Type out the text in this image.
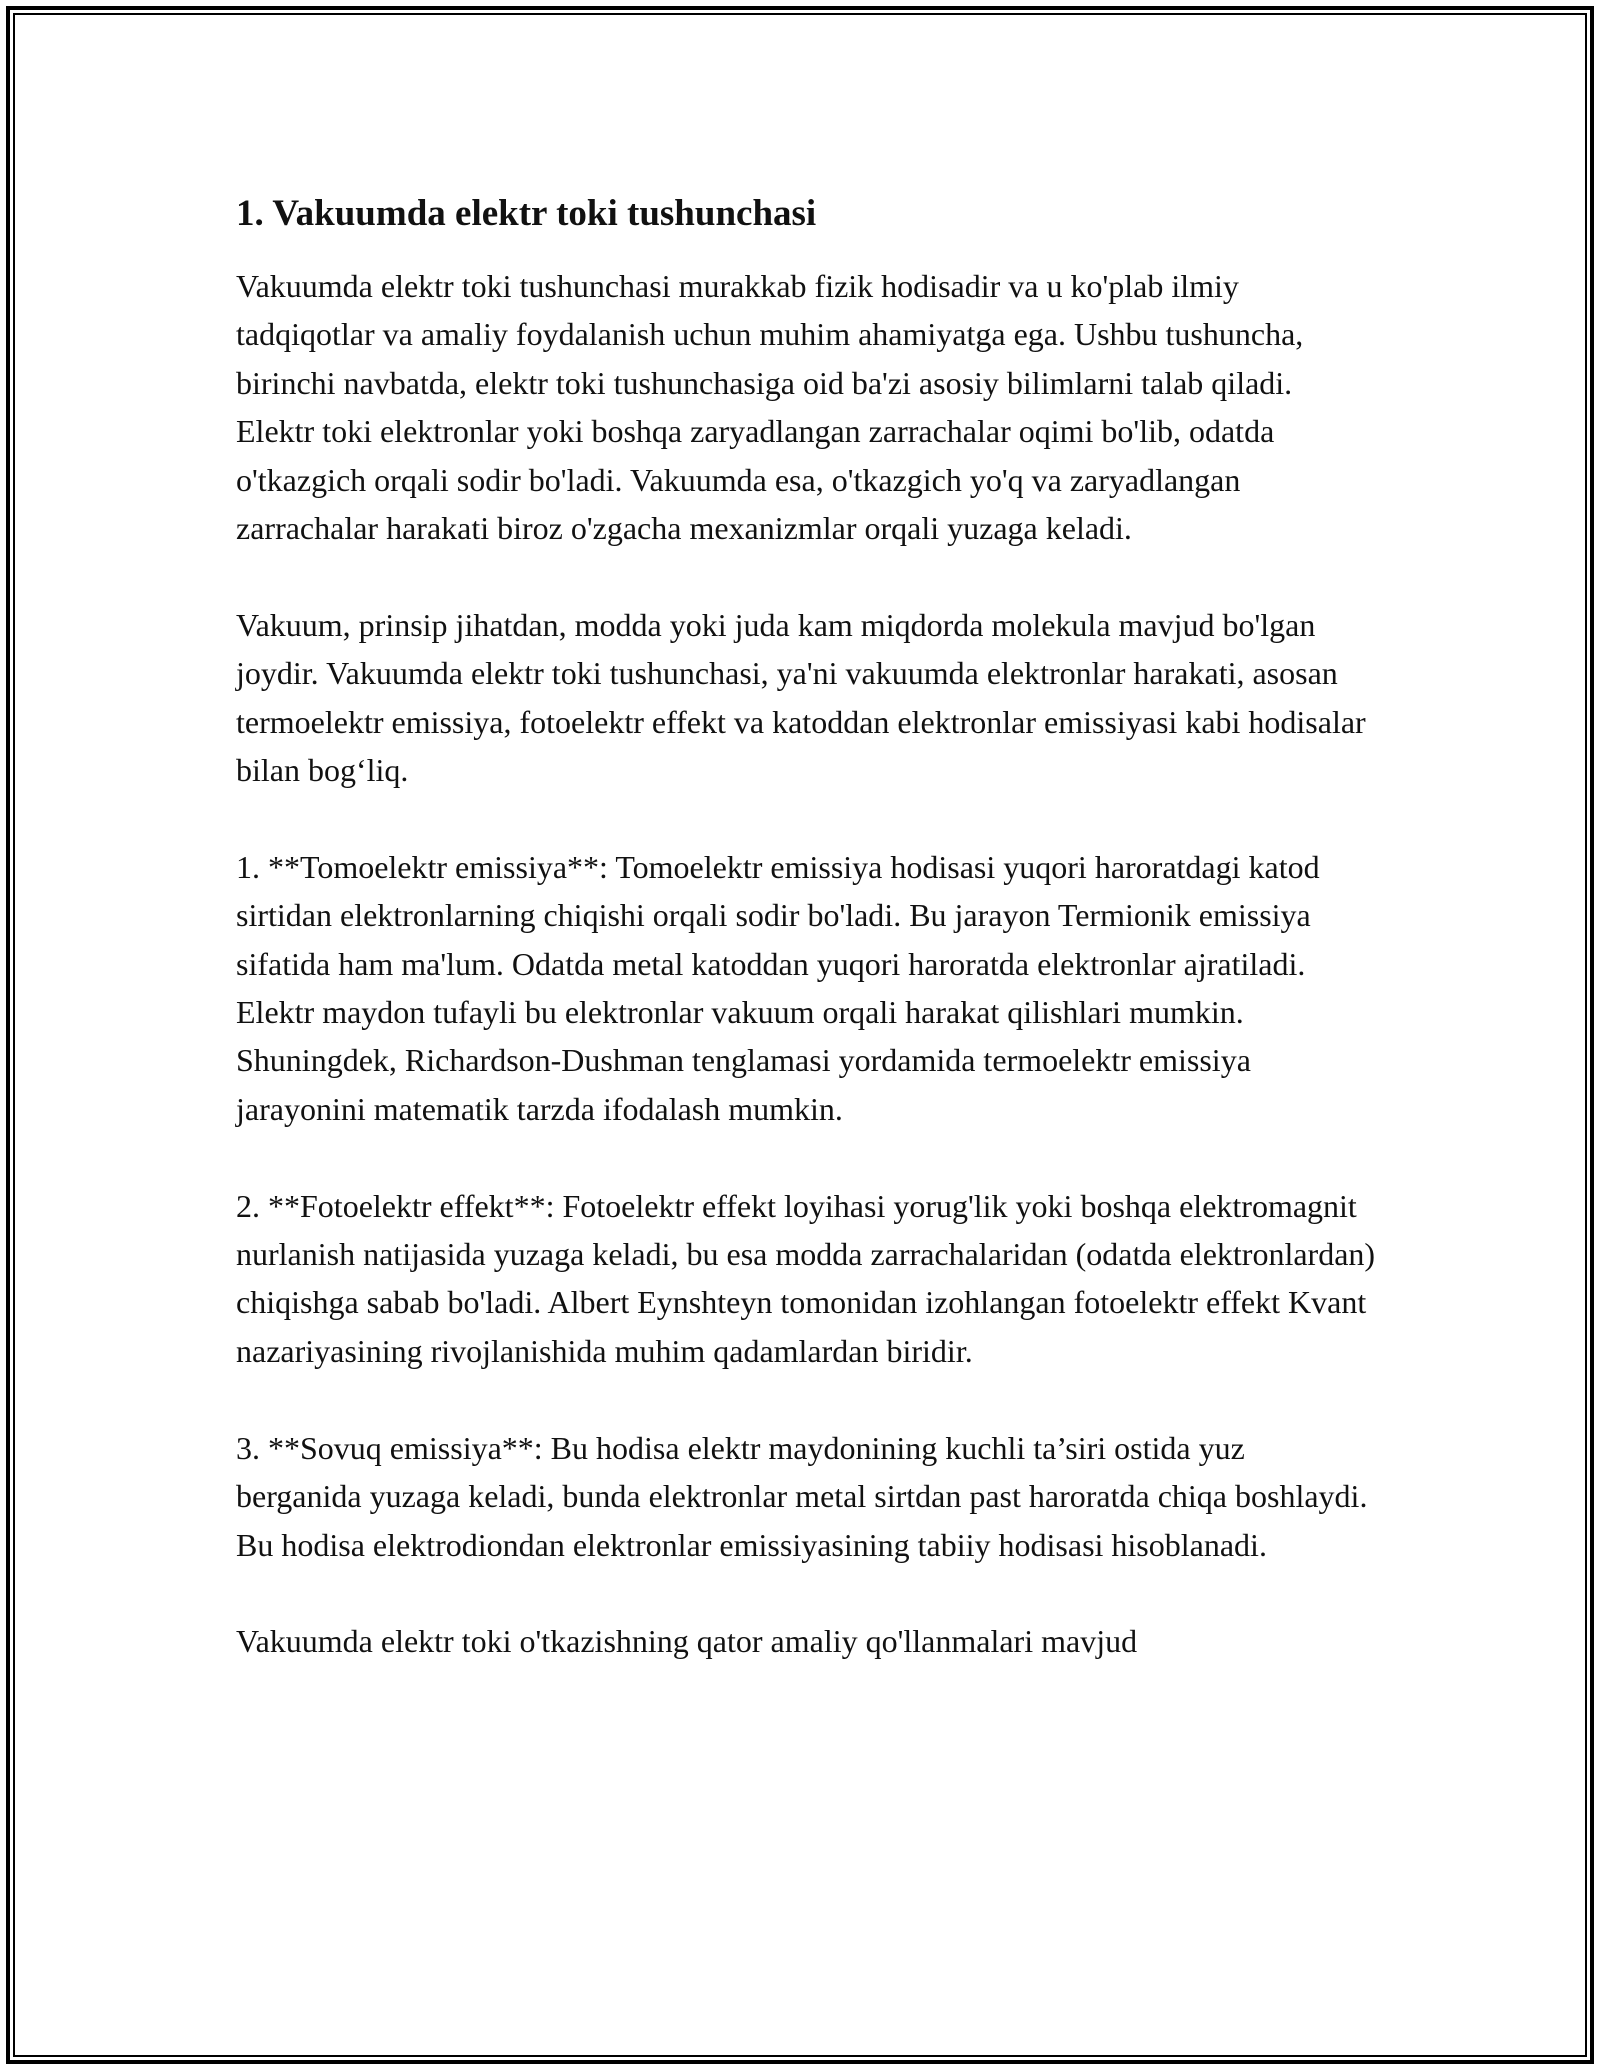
1. Vakuumda elektr toki tushunchasi

Vakuumda elektr toki tushunchasi murakkab fizik hodisadir va u ko'plab ilmiy tadqiqotlar va amaliy foydalanish uchun muhim ahamiyatga ega. Ushbu tushuncha, birinchi navbatda, elektr toki tushunchasiga oid ba'zi asosiy bilimlarni talab qiladi. Elektr toki elektronlar yoki boshqa zaryadlangan zarrachalar oqimi bo'lib, odatda o'tkazgich orqali sodir bo'ladi. Vakuumda esa, o'tkazgich yo'q va zaryadlangan zarrachalar harakati biroz o'zgacha mexanizmlar orqali yuzaga keladi.

Vakuum, prinsip jihatdan, modda yoki juda kam miqdorda molekula mavjud bo'lgan joydir. Vakuumda elektr toki tushunchasi, ya'ni vakuumda elektronlar harakati, asosan termoelektr emissiya, fotoelektr effekt va katoddan elektronlar emissiyasi kabi hodisalar bilan bog‘liq.

1. **Tomoelektr emissiya**: Tomoelektr emissiya hodisasi yuqori haroratdagi katod sirtidan elektronlarning chiqishi orqali sodir bo'ladi. Bu jarayon Termionik emissiya sifatida ham ma'lum. Odatda metal katoddan yuqori haroratda elektronlar ajratiladi. Elektr maydon tufayli bu elektronlar vakuum orqali harakat qilishlari mumkin. Shuningdek, Richardson-Dushman tenglamasi yordamida termoelektr emissiya jarayonini matematik tarzda ifodalash mumkin.

2. **Fotoelektr effekt**: Fotoelektr effekt loyihasi yorug'lik yoki boshqa elektromagnit nurlanish natijasida yuzaga keladi, bu esa modda zarrachalaridan (odatda elektronlardan) chiqishga sabab bo'ladi. Albert Eynshteyn tomonidan izohlangan fotoelektr effekt Kvant nazariyasining rivojlanishida muhim qadamlardan biridir.

3. **Sovuq emissiya**: Bu hodisa elektr maydonining kuchli ta’siri ostida yuz berganida yuzaga keladi, bunda elektronlar metal sirtdan past haroratda chiqa boshlaydi. Bu hodisa elektrodiondan elektronlar emissiyasining tabiiy hodisasi hisoblanadi.

Vakuumda elektr toki o'tkazishning qator amaliy qo'llanmalari mavjud
